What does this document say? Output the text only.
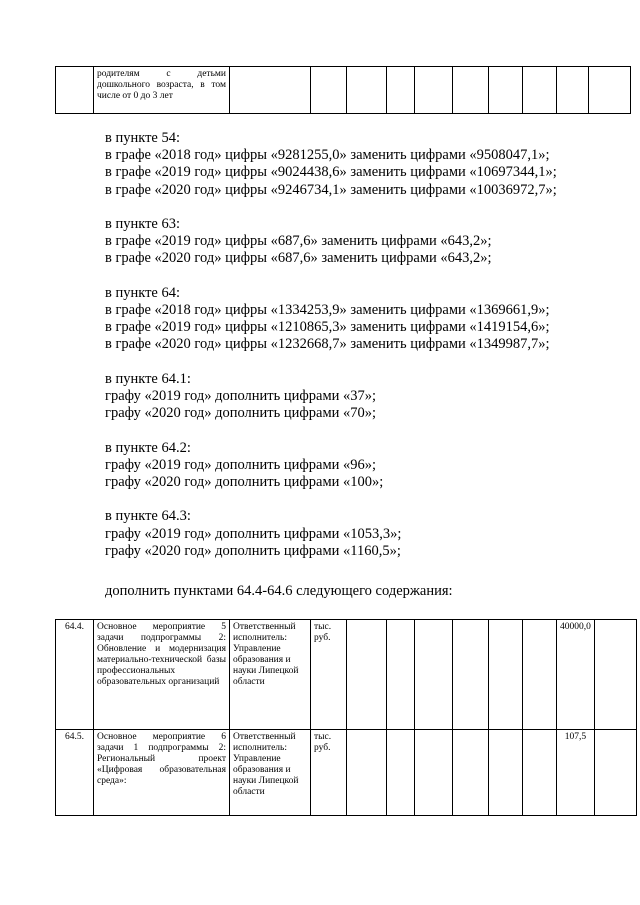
	родителям с детьми дошкольного возраста, в том числе от 0 до 3 лет										
в пункте 54:
в графе «2018 год» цифры «9281255,0» заменить цифрами «9508047,1»;
в графе «2019 год» цифры «9024438,6» заменить цифрами «10697344,1»;
в графе «2020 год» цифры «9246734,1» заменить цифрами «10036972,7»;
в пункте 63:
в графе «2019 год» цифры «687,6» заменить цифрами «643,2»;
в графе «2020 год» цифры «687,6» заменить цифрами «643,2»;
в пункте 64:
в графе «2018 год» цифры «1334253,9» заменить цифрами «1369661,9»;
в графе «2019 год» цифры «1210865,3» заменить цифрами «1419154,6»;
в графе «2020 год» цифры «1232668,7» заменить цифрами «1349987,7»;
в пункте 64.1:
графу «2019 год» дополнить цифрами «37»;
графу «2020 год» дополнить цифрами «70»;
в пункте 64.2:
графу «2019 год» дополнить цифрами «96»;
графу «2020 год» дополнить цифрами «100»;
в пункте 64.3:
графу «2019 год» дополнить цифрами «1053,3»;
графу «2020 год» дополнить цифрами «1160,5»;
дополнить пунктами 64.4-64.6 следующего содержания:
64.4.	Основное мероприятие 5 задачи подпрограммы 2: Обновление и модернизация материально-технической базы профессиональных образовательных организаций	Ответственный исполнитель: Управление образования и науки Липецкой области	тыс. руб.							40000,0	
64.5.	Основное мероприятие 6 задачи 1 подпрограммы 2: Региональный проект «Цифровая образовательная среда»:	Ответственный исполнитель: Управление образования и науки Липецкой области	тыс. руб.							107,5	
